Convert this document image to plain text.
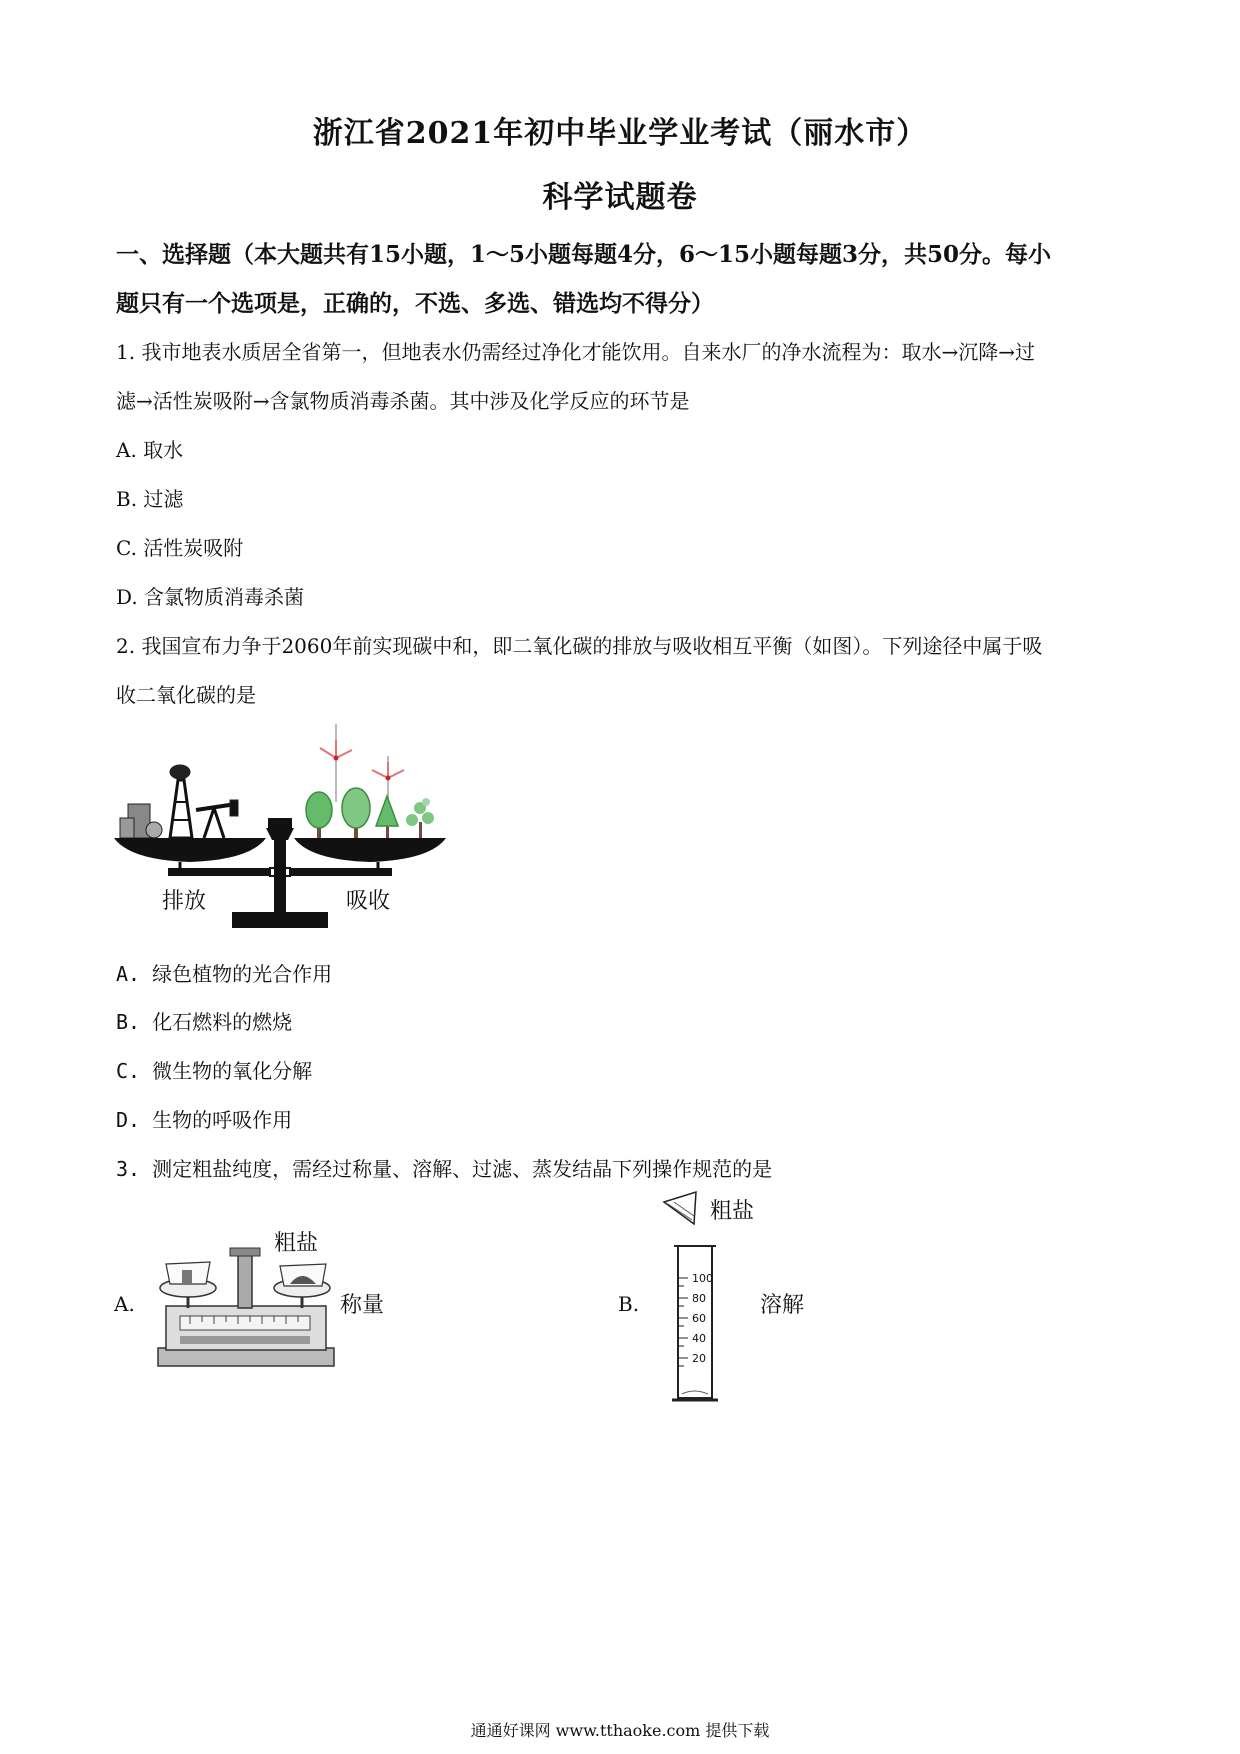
浙江省2021年初中毕业学业考试（丽水市）
科学试题卷
一、选择题（本大题共有15小题，1～5小题每题4分，6～15小题每题3分，共50分。每小
题只有一个选项是，正确的，不选、多选、错选均不得分）
1. 我市地表水质居全省第一，但地表水仍需经过净化才能饮用。自来水厂的净水流程为：取水→沉降→过
滤→活性炭吸附→含氯物质消毒杀菌。其中涉及化学反应的环节是
A. 取水
B. 过滤
C. 活性炭吸附
D. 含氯物质消毒杀菌
2. 我国宣布力争于2060年前实现碳中和，即二氧化碳的排放与吸收相互平衡（如图）。下列途径中属于吸
收二氧化碳的是
排放	吸收
A. 绿色植物的光合作用
B. 化石燃料的燃烧
C. 微生物的氧化分解
D. 生物的呼吸作用
3. 测定粗盐纯度，需经过称量、溶解、过滤、蒸发结晶下列操作规范的是
A.
粗盐
称量	B.
粗盐
溶解
100
80
60
40
20
通通好课网 www.tthaoke.com 提供下载
